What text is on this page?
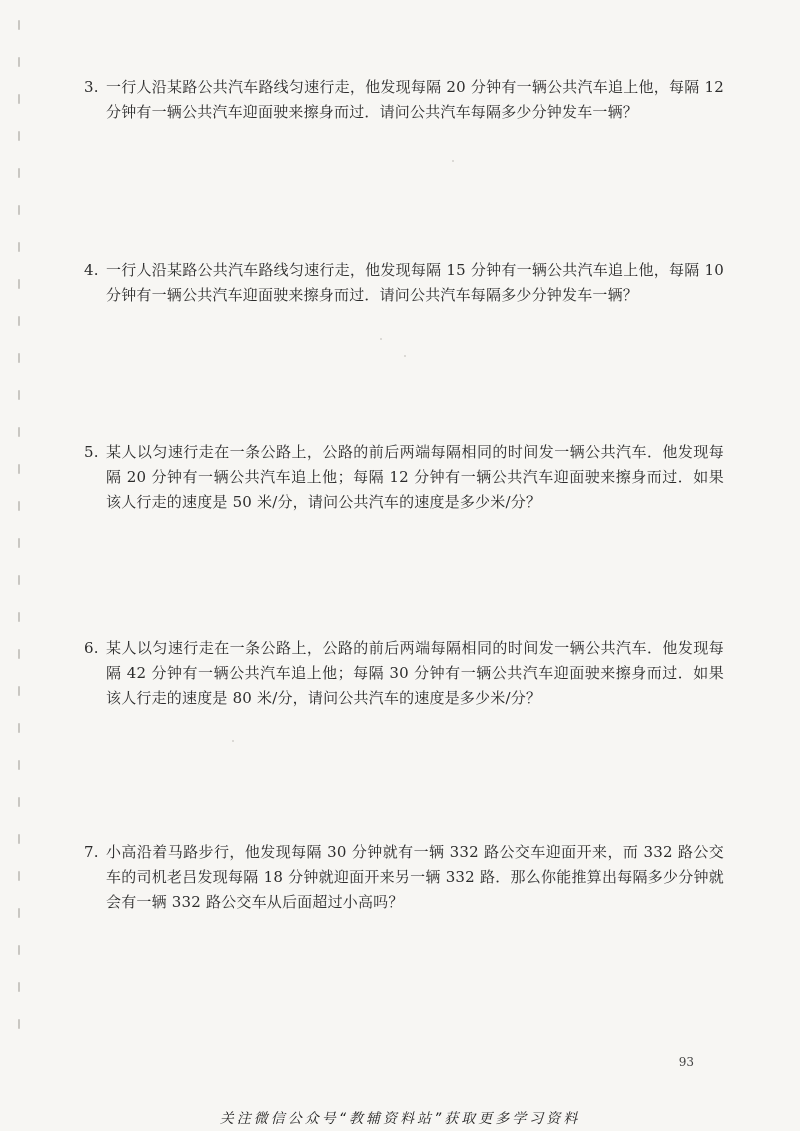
3. 一行人沿某路公共汽车路线匀速行走，他发现每隔 20 分钟有一辆公共汽车追上他，每隔 12 分钟有一辆公共汽车迎面驶来擦身而过．请问公共汽车每隔多少分钟发车一辆？
4. 一行人沿某路公共汽车路线匀速行走，他发现每隔 15 分钟有一辆公共汽车追上他，每隔 10 分钟有一辆公共汽车迎面驶来擦身而过．请问公共汽车每隔多少分钟发车一辆？
5. 某人以匀速行走在一条公路上，公路的前后两端每隔相同的时间发一辆公共汽车．他发现每隔 20 分钟有一辆公共汽车追上他；每隔 12 分钟有一辆公共汽车迎面驶来擦身而过．如果该人行走的速度是 50 米/分，请问公共汽车的速度是多少米/分？
6. 某人以匀速行走在一条公路上，公路的前后两端每隔相同的时间发一辆公共汽车．他发现每隔 42 分钟有一辆公共汽车追上他；每隔 30 分钟有一辆公共汽车迎面驶来擦身而过．如果该人行走的速度是 80 米/分，请问公共汽车的速度是多少米/分？
7. 小高沿着马路步行，他发现每隔 30 分钟就有一辆 332 路公交车迎面开来，而 332 路公交车的司机老吕发现每隔 18 分钟就迎面开来另一辆 332 路．那么你能推算出每隔多少分钟就会有一辆 332 路公交车从后面超过小高吗？
93
关注微信公众号“教辅资料站”获取更多学习资料
